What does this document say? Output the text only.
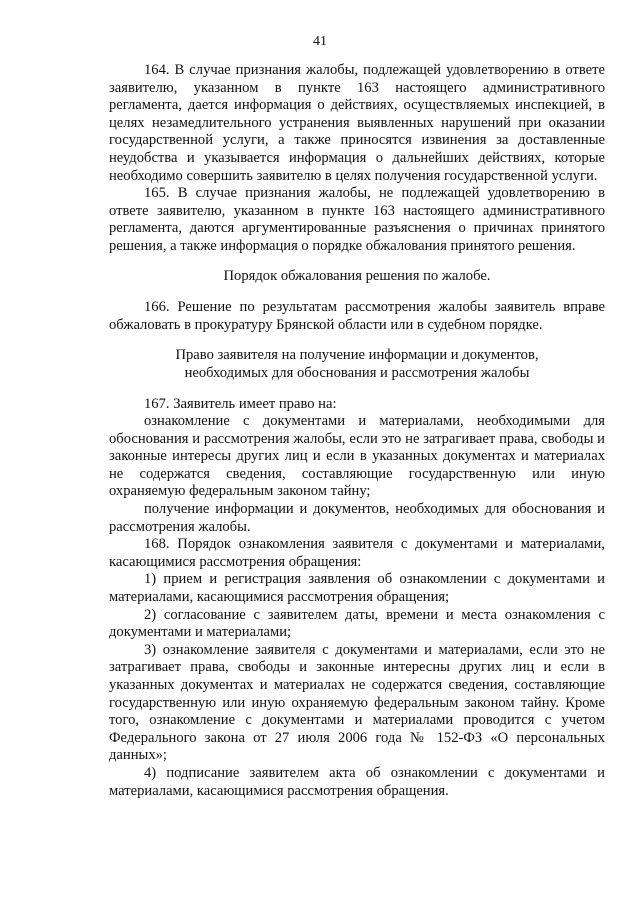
41

164. В случае признания жалобы, подлежащей удовлетворению в ответе заявителю, указанном в пункте 163 настоящего административного регламента, дается информация о действиях, осуществляемых инспекцией, в целях незамедлительного устранения выявленных нарушений при оказании государственной услуги, а также приносятся извинения за доставленные неудобства и указывается информация о дальнейших действиях, которые необходимо совершить заявителю в целях получения государственной услуги.

165. В случае признания жалобы, не подлежащей удовлетворению в ответе заявителю, указанном в пункте 163 настоящего административного регламента, даются аргументированные разъяснения о причинах принятого решения, а также информация о порядке обжалования принятого решения.

Порядок обжалования решения по жалобе.

166. Решение по результатам рассмотрения жалобы заявитель вправе обжаловать в прокуратуру Брянской области или в судебном порядке.

Право заявителя на получение информации и документов,
необходимых для обоснования и рассмотрения жалобы

167. Заявитель имеет право на:

ознакомление с документами и материалами, необходимыми для обоснования и рассмотрения жалобы, если это не затрагивает права, свободы и законные интересы других лиц и если в указанных документах и материалах не содержатся сведения, составляющие государственную или иную охраняемую федеральным законом тайну;

получение информации и документов, необходимых для обоснования и рассмотрения жалобы.

168. Порядок ознакомления заявителя с документами и материалами, касающимися рассмотрения обращения:

1) прием и регистрация заявления об ознакомлении с документами и материалами, касающимися рассмотрения обращения;

2) согласование с заявителем даты, времени и места ознакомления с документами и материалами;

3) ознакомление заявителя с документами и материалами, если это не затрагивает права, свободы и законные интересны других лиц и если в указанных документах и материалах не содержатся сведения, составляющие государственную или иную охраняемую федеральным законом тайну. Кроме того, ознакомление с документами и материалами проводится с учетом Федерального закона от 27 июля 2006 года № 152-ФЗ «О персональных данных»;

4) подписание заявителем акта об ознакомлении с документами и материалами, касающимися рассмотрения обращения.
